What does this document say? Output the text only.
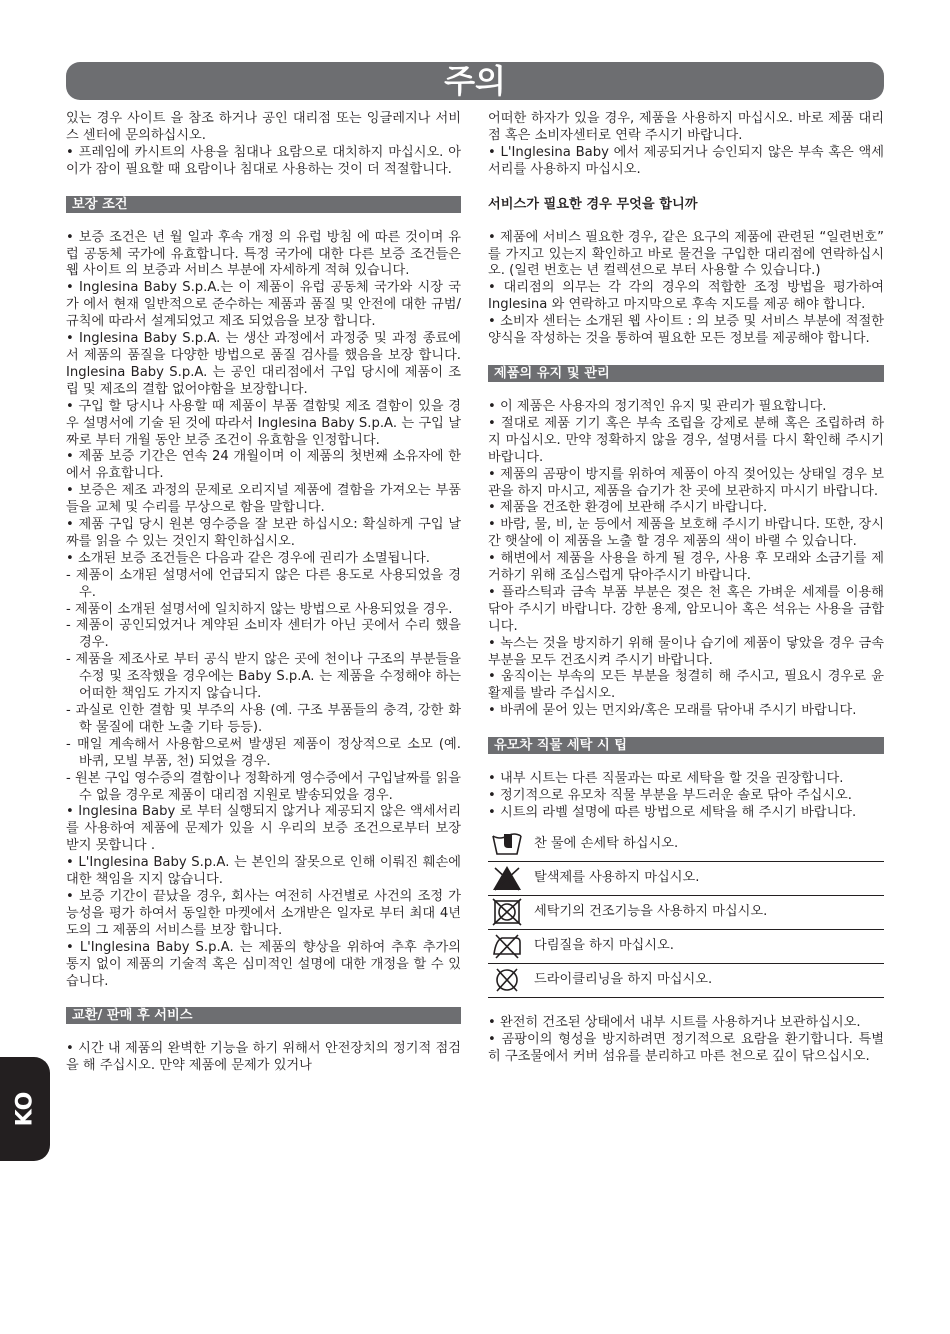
주의

있는 경우 사이트 을 참조 하거나 공인 대리점 또는 잉글레지나 서비스 센터에 문의하십시오.

• 프레임에 카시트의 사용을 침대나 요람으로 대치하지 마십시오. 아이가 잠이 필요할 때 요람이나 침대로 사용하는 것이 더 적절합니다.

보장 조건

• 보증 조건은 년 월 일과 후속 개정 의 유럽 방침 에 따른 것이며 유럽 공동체 국가에 유효합니다. 특정 국가에 대한 다른 보증 조건들은 웹 사이트 의 보증과 서비스 부분에 자세하게 적혀 있습니다.

• Inglesina Baby S.p.A.는 이 제품이 유럽 공동체 국가와 시장 국가 에서 현재 일반적으로 준수하는 제품과 품질 및 안전에 대한 규범/규칙에 따라서 설계되었고 제조 되었음을 보장 합니다.

• Inglesina Baby S.p.A. 는 생산 과정에서 과정중 및 과정 종료에서 제품의 품질을 다양한 방법으로 품질 검사를 했음을 보장 합니다. Inglesina Baby S.p.A. 는 공인 대리점에서 구입 당시에 제품이 조립 및 제조의 결합 없어야함을 보장합니다.

• 구입 할 당시나 사용할 때 제품이 부품 결함및 제조 결함이 있을 경우 설명서에 기술 된 것에 따라서 Inglesina Baby S.p.A. 는 구입 날짜로 부터 개월 동안 보증 조건이 유효함을 인정합니다.

• 제품 보증 기간은 연속 24 개월이며 이 제품의 첫번째 소유자에 한에서 유효합니다.

• 보증은 제조 과정의 문제로 오리지널 제품에 결함을 가져오는 부품들을 교체 및 수리를 무상으로 함을 말합니다.

• 제품 구입 당시 원본 영수증을 잘 보관 하십시오: 확실하게 구입 날짜를 읽을 수 있는 것인지 확인하십시오.

• 소개된 보증 조건들은 다음과 같은 경우에 권리가 소멸됩니다.

- 제품이 소개된 설명서에 언급되지 않은 다른 용도로 사용되었을 경우.

- 제품이 소개된 설명서에 일치하지 않는 방법으로 사용되었을 경우.

- 제품이 공인되었거나 계약된 소비자 센터가 아닌 곳에서 수리 했을 경우.

- 제품을 제조사로 부터 공식 받지 않은 곳에 천이나 구조의 부분들을 수정 및 조작했을 경우에는 Baby S.p.A. 는 제품을 수정해야 하는 어떠한 책임도 가지지 않습니다.

- 과실로 인한 결함 및 부주의 사용 (예. 구조 부품들의 충격, 강한 화학 물질에 대한 노출 기타 등등).

- 매일 계속해서 사용함으로써 발생된 제품이 정상적으로 소모 (예. 바퀴, 모빌 부품, 천) 되었을 경우.

- 원본 구입 영수증의 결함이나 정확하게 영수증에서 구입날짜를 읽을 수 없을 경우로 제품이 대리점 지원로 발송되었을 경우.

• Inglesina Baby 로 부터 실행되지 않거나 제공되지 않은 액세서리 를 사용하여 제품에 문제가 있을 시 우리의 보증 조건으로부터 보장 받지 못합니다 .

• L'Inglesina Baby S.p.A. 는 본인의 잘못으로 인해 이뤄진 훼손에 대한 책임을 지지 않습니다.

• 보증 기간이 끝났을 경우, 회사는 여전히 사건별로 사건의 조정 가능성을 평가 하여서 동일한 마켓에서 소개받은 일자로 부터 최대 4년도의 그 제품의 서비스를 보장 합니다.

• L'Inglesina Baby S.p.A. 는 제품의 향상을 위하여 추후 추가의 통지 없이 제품의 기술적 혹은 심미적인 설명에 대한 개정을 할 수 있습니다.

교환/ 판매 후 서비스

• 시간 내 제품의 완벽한 기능을 하기 위해서 안전장치의 정기적 점검을 해 주십시오. 만약 제품에 문제가 있거나

어떠한 하자가 있을 경우, 제품을 사용하지 마십시오. 바로 제품 대리점 혹은 소비자센터로 연락 주시기 바랍니다.

• L'Inglesina Baby 에서 제공되거나 승인되지 않은 부속 혹은 액세서리를 사용하지 마십시오.

서비스가 필요한 경우 무엇을 합니까

• 제품에 서비스 필요한 경우, 같은 요구의 제품에 관련된 “일련번호” 를 가지고 있는지 확인하고 바로 물건을 구입한 대리점에 연락하십시오. (일련 번호는 년 컬렉션으로 부터 사용할 수 있습니다.)

• 대리점의 의무는 각 각의 경우의 적합한 조정 방법을 평가하여 Inglesina 와 연락하고 마지막으로 후속 지도를 제공 해야 합니다.

• 소비자 센터는 소개된 웹 사이트 : 의 보증 및 서비스 부분에 적절한 양식을 작성하는 것을 통하여 필요한 모든 정보를 제공해야 합니다.

제품의 유지 및 관리

• 이 제품은 사용자의 정기적인 유지 및 관리가 필요합니다.

• 절대로 제품 기기 혹은 부속 조립을 강제로 분해 혹은 조립하려 하지 마십시오. 만약 정확하지 않을 경우, 설명서를 다시 확인해 주시기 바랍니다.

• 제품의 곰팡이 방지를 위하여 제품이 아직 젖어있는 상태일 경우 보관을 하지 마시고, 제품을 습기가 찬 곳에 보관하지 마시기 바랍니다.

• 제품을 건조한 환경에 보관해 주시기 바랍니다.

• 바람, 물, 비, 눈 등에서 제품을 보호해 주시기 바랍니다. 또한, 장시간 햇살에 이 제품을 노출 할 경우 제품의 색이 바랠 수 있습니다.

• 해변에서 제품을 사용을 하게 될 경우, 사용 후 모래와 소금기를 제거하기 위해 조심스럽게 닦아주시기 바랍니다.

• 플라스틱과 금속 부품 부분은 젖은 천 혹은 가벼운 세제를 이용해 닦아 주시기 바랍니다. 강한 용제, 암모니아 혹은 석유는 사용을 금합니다.

• 녹스는 것을 방지하기 위해 물이나 습기에 제품이 닿았을 경우 금속 부분을 모두 건조시켜 주시기 바랍니다.

• 움직이는 부속의 모든 부분을 청결히 해 주시고, 필요시 경우로 윤활제를 발라 주십시오.

• 바퀴에 묻어 있는 먼지와/혹은 모래를 닦아내 주시기 바랍니다.

유모차 직물 세탁 시 팁

• 내부 시트는 다른 직물과는 따로 세탁을 할 것을 권장합니다.

• 정기적으로 유모차 직물 부분을 부드러운 솔로 닦아 주십시오.

• 시트의 라벨 설명에 따른 방법으로 세탁을 해 주시기 바랍니다.

찬 물에 손세탁 하십시오.
탈색제를 사용하지 마십시오.
세탁기의 건조기능을 사용하지 마십시오.
다림질을 하지 마십시오.
드라이클리닝을 하지 마십시오.

• 완전히 건조된 상태에서 내부 시트를 사용하거나 보관하십시오.

• 곰팡이의 형성을 방지하려면 정기적으로 요람을 환기합니다. 특별히 구조물에서 커버 섬유를 분리하고 마른 천으로 깊이 닦으십시오.

KO
